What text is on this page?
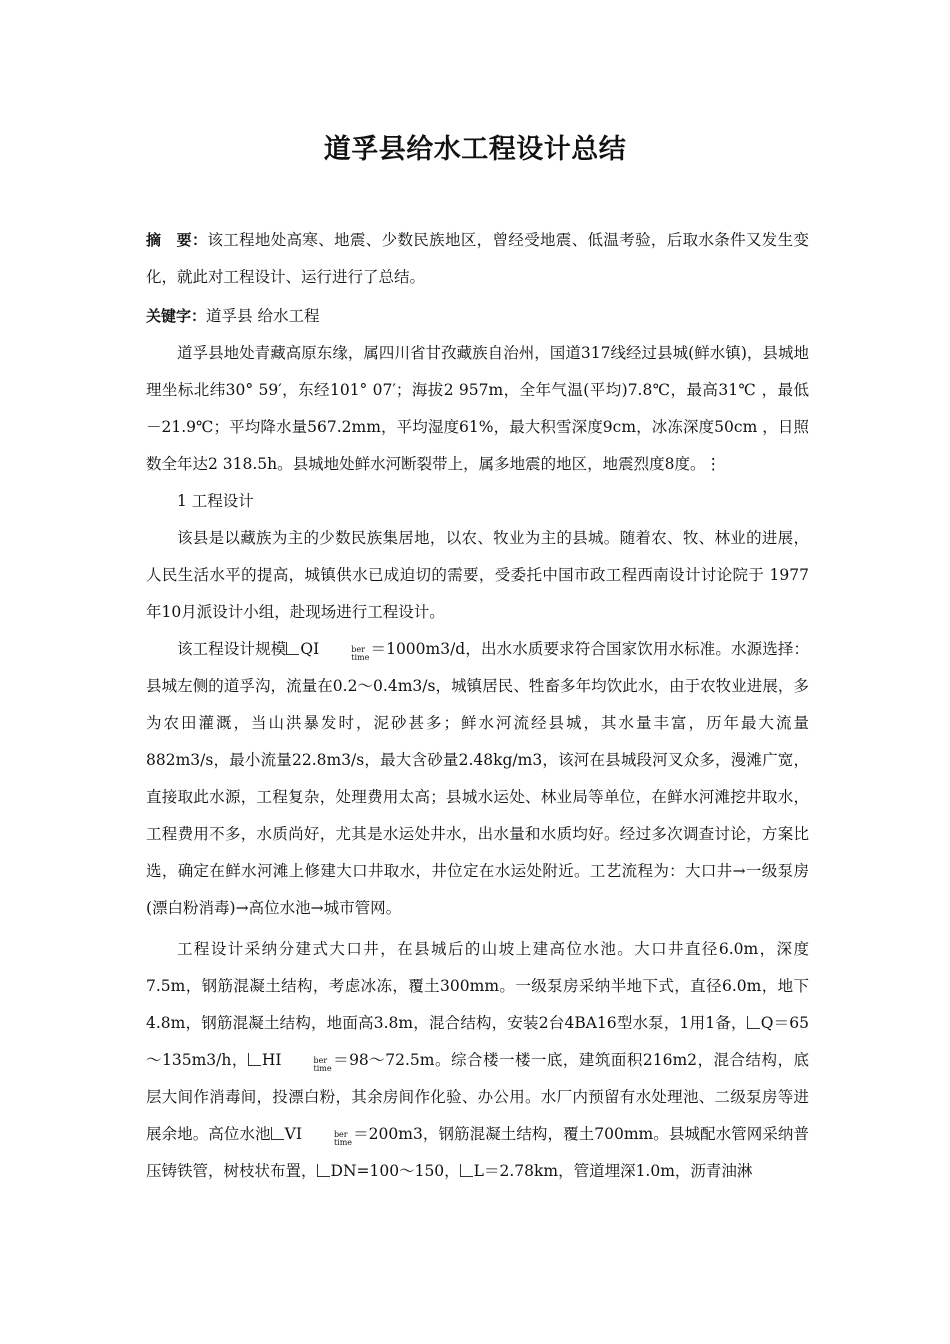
道孚县给水工程设计总结

摘　要：该工程地处高寒、地震、少数民族地区，曾经受地震、低温考验，后取水条件又发生变化，就此对工程设计、运行进行了总结。

关键字：道孚县 给水工程

道孚县地处青藏高原东缘，属四川省甘孜藏族自治州，国道317线经过县城(鲜水镇)，县城地理坐标北纬30° 59′，东经101° 07′；海拔2 957m，全年气温(平均)7.8℃，最高31℃ ，最低－21.9℃；平均降水量567.2mm，平均湿度61%，最大积雪深度9cm，冰冻深度50cm ，日照数全年达2 318.5h。县城地处鲜水河断裂带上，属多地震的地区，地震烈度8度。⋮

1 工程设计

该县是以藏族为主的少数民族集居地，以农、牧业为主的县城。随着农、牧、林业的进展，人民生活水平的提高，城镇供水已成迫切的需要，受委托中国市政工程西南设计讨论院于 1977年10月派设计小组，赴现场进行工程设计。

该工程设计规模 QI	ber
time ＝1000m3/d，出水水质要求符合国家饮用水标准。水源选择：县城左侧的道孚沟，流量在0.2～0.4m3/s，城镇居民、牲畜多年均饮此水，由于农牧业进展，多为农田灌溉，当山洪暴发时，泥砂甚多；鲜水河流经县城，其水量丰富，历年最大流量882m3/s，最小流量22.8m3/s，最大含砂量2.48kg/m3，该河在县城段河叉众多，漫滩广宽，直接取此水源，工程复杂，处理费用太高；县城水运处、林业局等单位，在鲜水河滩挖井取水，工程费用不多，水质尚好，尤其是水运处井水，出水量和水质均好。经过多次调查讨论，方案比选，确定在鲜水河滩上修建大口井取水，井位定在水运处附近。工艺流程为：大口井→一级泵房(漂白粉消毒)→高位水池→城市管网。

工程设计采纳分建式大口井，在县城后的山坡上建高位水池。大口井直径6.0m，深度7.5m，钢筋混凝土结构，考虑冰冻，覆土300mm。一级泵房采纳半地下式，直径6.0m，地下4.8m，钢筋混凝土结构，地面高3.8m，混合结构，安装2台4BA16型水泵，1用1备， Q＝65～135m3/h， HI	ber
time ＝98～72.5m。综合楼一楼一底，建筑面积216m2，混合结构，底层大间作消毒间，投漂白粉，其余房间作化验、办公用。水厂内预留有水处理池、二级泵房等进展余地。高位水池 VI	ber
time ＝200m3，钢筋混凝土结构，覆土700mm。县城配水管网采纳普压铸铁管，树枝状布置， DN=100～150， L＝2.78km，管道埋深1.0m，沥青油淋
